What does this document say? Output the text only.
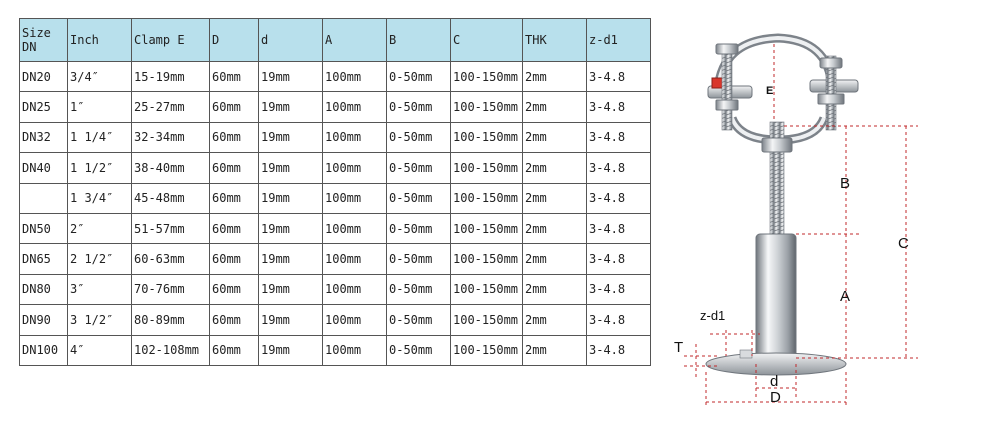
Size DN	Inch	Clamp E	D	d	A	B	C	THK	z-d1
DN20	3/4″	15-19mm	60mm	19mm	100mm	0-50mm	100-150mm	2mm	3-4.8
DN25	1″	25-27mm	60mm	19mm	100mm	0-50mm	100-150mm	2mm	3-4.8
DN32	1 1/4″	32-34mm	60mm	19mm	100mm	0-50mm	100-150mm	2mm	3-4.8
DN40	1 1/2″	38-40mm	60mm	19mm	100mm	0-50mm	100-150mm	2mm	3-4.8
	1 3/4″	45-48mm	60mm	19mm	100mm	0-50mm	100-150mm	2mm	3-4.8
DN50	2″	51-57mm	60mm	19mm	100mm	0-50mm	100-150mm	2mm	3-4.8
DN65	2 1/2″	60-63mm	60mm	19mm	100mm	0-50mm	100-150mm	2mm	3-4.8
DN80	3″	70-76mm	60mm	19mm	100mm	0-50mm	100-150mm	2mm	3-4.8
DN90	3 1/2″	80-89mm	60mm	19mm	100mm	0-50mm	100-150mm	2mm	3-4.8
DN100	4″	102-108mm	60mm	19mm	100mm	0-50mm	100-150mm	2mm	3-4.8
E
B
C
A
z-d1
T
d
D
